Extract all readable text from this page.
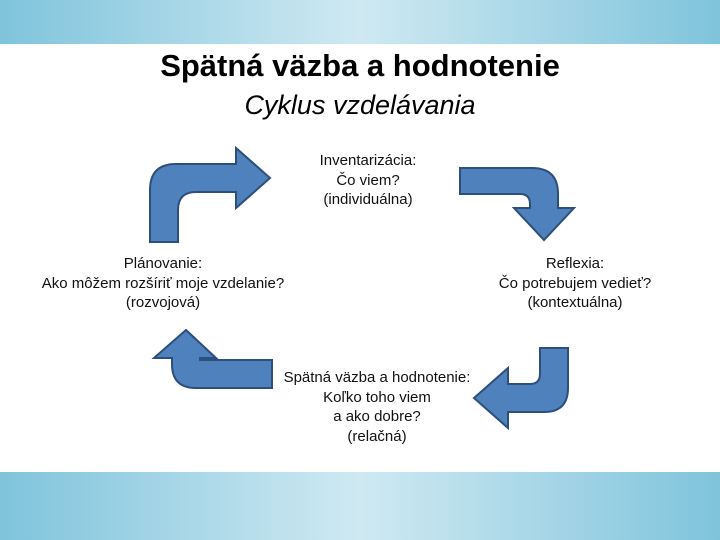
Spätná väzba a hodnotenie
Cyklus vzdelávania
Inventarizácia:
Čo viem?
(individuálna)
Plánovanie:
Ako môžem rozšíriť moje vzdelanie?
(rozvojová)
Reflexia:
Čo potrebujem vedieť?
(kontextuálna)
Spätná väzba a hodnotenie:
Koľko toho viem
a ako dobre?
(relačná)
